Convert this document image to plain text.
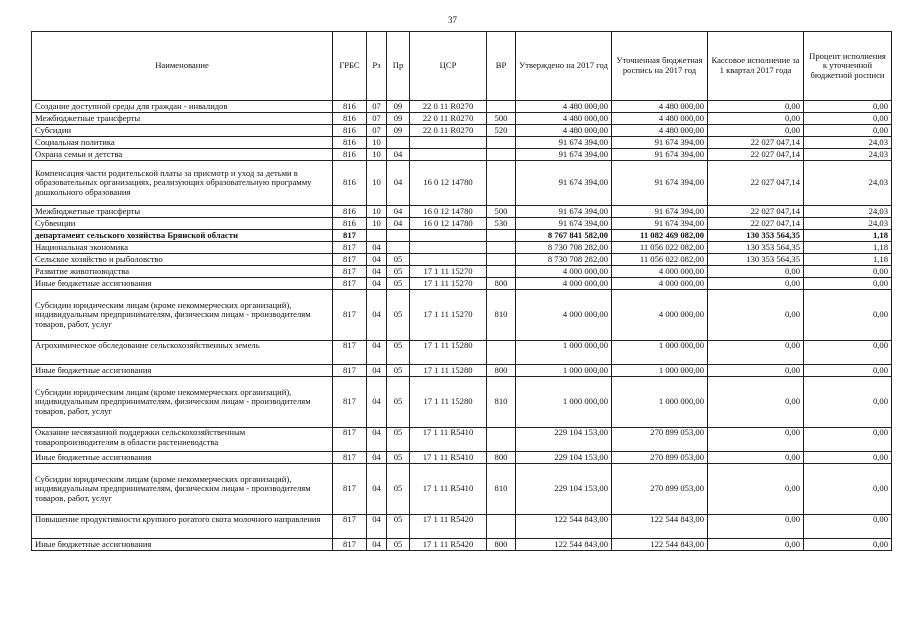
37
Наименование	ГРБС	Рз	Пр	ЦСР	ВР	Утверждено на 2017 год	Уточненная бюджетная роспись на 2017 год	Кассовое исполнение за 1 квартал 2017 года	Процент исполнения к уточненной бюджетной росписи
Создание доступной среды для граждан - инвалидов	816	07	09	22 0 11 R0270		4 480 000,00	4 480 000,00	0,00	0,00
Межбюджетные трансферты	816	07	09	22 0 11 R0270	500	4 480 000,00	4 480 000,00	0,00	0,00
Субсидии	816	07	09	22 0 11 R0270	520	4 480 000,00	4 480 000,00	0,00	0,00
Социальная политика	816	10				91 674 394,00	91 674 394,00	22 027 047,14	24,03
Охрана семьи и детства	816	10	04			91 674 394,00	91 674 394,00	22 027 047,14	24,03
Компенсация части родительской платы за присмотр и уход за детьми в образовательных организациях, реализующих образовательную программу дошкольного образования	816	10	04	16 0 12 14780		91 674 394,00	91 674 394,00	22 027 047,14	24,03
Межбюджетные трансферты	816	10	04	16 0 12 14780	500	91 674 394,00	91 674 394,00	22 027 047,14	24,03
Субвенции	816	10	04	16 0 12 14780	530	91 674 394,00	91 674 394,00	22 027 047,14	24,03
департамент сельского хозяйства Брянской области	817					8 767 841 582,00	11 082 469 082,00	130 353 564,35	1,18
Национальная экономика	817	04				8 730 708 282,00	11 056 022 082,00	130 353 564,35	1,18
Сельское хозяйство и рыболовство	817	04	05			8 730 708 282,00	11 056 022 082,00	130 353 564,35	1,18
Развитие животноводства	817	04	05	17 1 11 15270		4 000 000,00	4 000 000,00	0,00	0,00
Иные бюджетные ассигнования	817	04	05	17 1 11 15270	800	4 000 000,00	4 000 000,00	0,00	0,00
Субсидии юридическим лицам (кроме некоммерческих организаций), индивидуальным предпринимателям, физическим лицам - производителям товаров, работ, услуг	817	04	05	17 1 11 15270	810	4 000 000,00	4 000 000,00	0,00	0,00
Агрохимическое обследование сельскохозяйственных земель	817	04	05	17 1 11 15280		1 000 000,00	1 000 000,00	0,00	0,00
Иные бюджетные ассигнования	817	04	05	17 1 11 15280	800	1 000 000,00	1 000 000,00	0,00	0,00
Субсидии юридическим лицам (кроме некоммерческих организаций), индивидуальным предпринимателям, физическим лицам - производителям товаров, работ, услуг	817	04	05	17 1 11 15280	810	1 000 000,00	1 000 000,00	0,00	0,00
Оказание несвязанной поддержки сельскохозяйственным товаропроизводителям в области растениеводства	817	04	05	17 1 11 R5410		229 104 153,00	270 899 053,00	0,00	0,00
Иные бюджетные ассигнования	817	04	05	17 1 11 R5410	800	229 104 153,00	270 899 053,00	0,00	0,00
Субсидии юридическим лицам (кроме некоммерческих организаций), индивидуальным предпринимателям, физическим лицам - производителям товаров, работ, услуг	817	04	05	17 1 11 R5410	810	229 104 153,00	270 899 053,00	0,00	0,00
Повышение продуктивности крупного рогатого скота молочного направления	817	04	05	17 1 11 R5420		122 544 843,00	122 544 843,00	0,00	0,00
Иные бюджетные ассигнования	817	04	05	17 1 11 R5420	800	122 544 843,00	122 544 843,00	0,00	0,00
